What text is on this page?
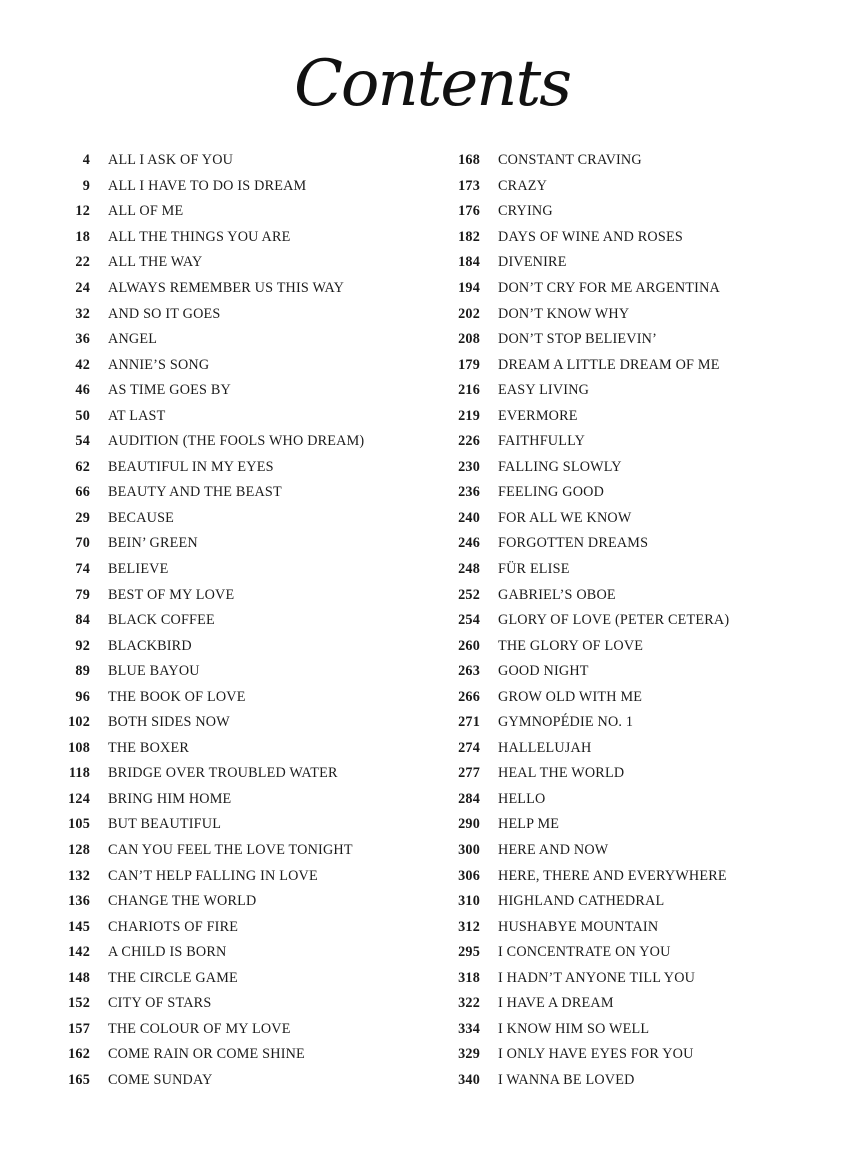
Contents
4 ALL I ASK OF YOU
9 ALL I HAVE TO DO IS DREAM
12 ALL OF ME
18 ALL THE THINGS YOU ARE
22 ALL THE WAY
24 ALWAYS REMEMBER US THIS WAY
32 AND SO IT GOES
36 ANGEL
42 ANNIE’S SONG
46 AS TIME GOES BY
50 AT LAST
54 AUDITION (THE FOOLS WHO DREAM)
62 BEAUTIFUL IN MY EYES
66 BEAUTY AND THE BEAST
29 BECAUSE
70 BEIN’ GREEN
74 BELIEVE
79 BEST OF MY LOVE
84 BLACK COFFEE
92 BLACKBIRD
89 BLUE BAYOU
96 THE BOOK OF LOVE
102 BOTH SIDES NOW
108 THE BOXER
118 BRIDGE OVER TROUBLED WATER
124 BRING HIM HOME
105 BUT BEAUTIFUL
128 CAN YOU FEEL THE LOVE TONIGHT
132 CAN’T HELP FALLING IN LOVE
136 CHANGE THE WORLD
145 CHARIOTS OF FIRE
142 A CHILD IS BORN
148 THE CIRCLE GAME
152 CITY OF STARS
157 THE COLOUR OF MY LOVE
162 COME RAIN OR COME SHINE
165 COME SUNDAY
168 CONSTANT CRAVING
173 CRAZY
176 CRYING
182 DAYS OF WINE AND ROSES
184 DIVENIRE
194 DON’T CRY FOR ME ARGENTINA
202 DON’T KNOW WHY
208 DON’T STOP BELIEVIN’
179 DREAM A LITTLE DREAM OF ME
216 EASY LIVING
219 EVERMORE
226 FAITHFULLY
230 FALLING SLOWLY
236 FEELING GOOD
240 FOR ALL WE KNOW
246 FORGOTTEN DREAMS
248 FÜR ELISE
252 GABRIEL’S OBOE
254 GLORY OF LOVE (PETER CETERA)
260 THE GLORY OF LOVE
263 GOOD NIGHT
266 GROW OLD WITH ME
271 GYMNOPÉDIE NO. 1
274 HALLELUJAH
277 HEAL THE WORLD
284 HELLO
290 HELP ME
300 HERE AND NOW
306 HERE, THERE AND EVERYWHERE
310 HIGHLAND CATHEDRAL
312 HUSHABYE MOUNTAIN
295 I CONCENTRATE ON YOU
318 I HADN’T ANYONE TILL YOU
322 I HAVE A DREAM
334 I KNOW HIM SO WELL
329 I ONLY HAVE EYES FOR YOU
340 I WANNA BE LOVED
